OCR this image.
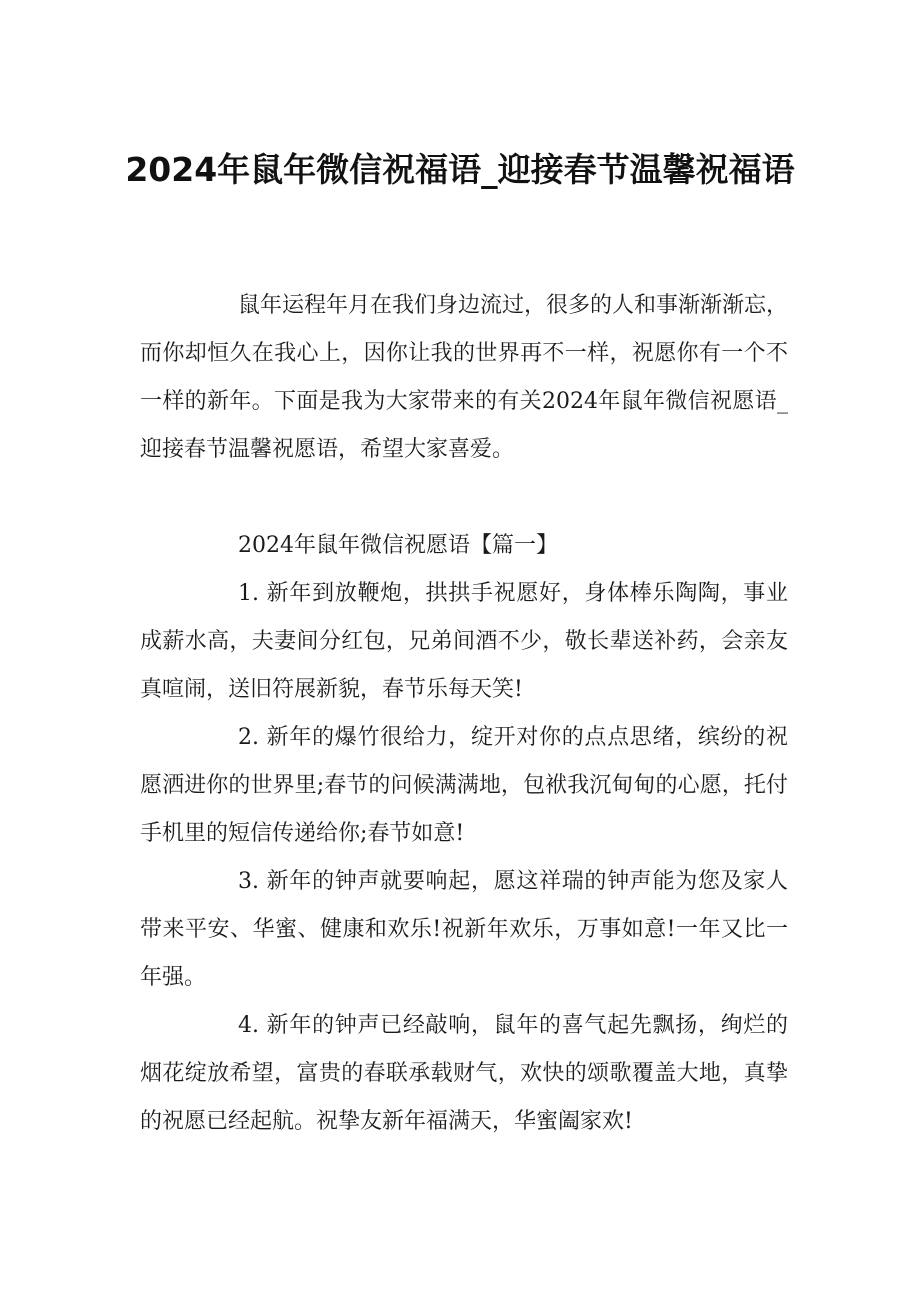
2024年鼠年微信祝福语_迎接春节温馨祝福语

鼠年运程年月在我们身边流过，很多的人和事渐渐渐忘，而你却恒久在我心上，因你让我的世界再不一样，祝愿你有一个不一样的新年。下面是我为大家带来的有关2024年鼠年微信祝愿语_迎接春节温馨祝愿语，希望大家喜爱。

2024年鼠年微信祝愿语【篇一】

1. 新年到放鞭炮，拱拱手祝愿好，身体棒乐陶陶，事业成薪水高，夫妻间分红包，兄弟间酒不少，敬长辈送补药，会亲友真喧闹，送旧符展新貌，春节乐每天笑!

2. 新年的爆竹很给力，绽开对你的点点思绪，缤纷的祝愿洒进你的世界里;春节的问候满满地，包袱我沉甸甸的心愿，托付手机里的短信传递给你;春节如意!

3. 新年的钟声就要响起，愿这祥瑞的钟声能为您及家人带来平安、华蜜、健康和欢乐!祝新年欢乐，万事如意!一年又比一年强。

4. 新年的钟声已经敲响，鼠年的喜气起先飘扬，绚烂的烟花绽放希望，富贵的春联承载财气，欢快的颂歌覆盖大地，真挚的祝愿已经起航。祝挚友新年福满天，华蜜阖家欢!
